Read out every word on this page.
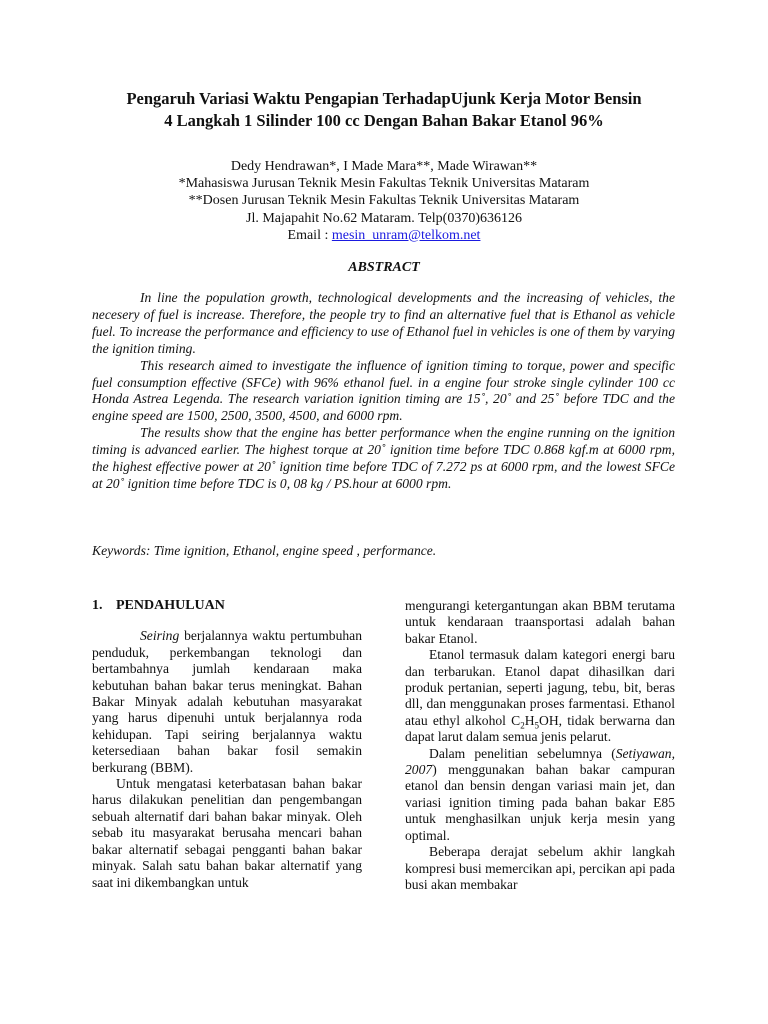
Pengaruh Variasi Waktu Pengapian TerhadapUjunk Kerja Motor Bensin
4 Langkah 1 Silinder 100 cc Dengan Bahan Bakar Etanol 96%
Dedy Hendrawan*, I Made Mara**, Made Wirawan**
*Mahasiswa Jurusan Teknik Mesin Fakultas Teknik Universitas Mataram
**Dosen Jurusan Teknik Mesin Fakultas Teknik Universitas Mataram
Jl. Majapahit No.62 Mataram. Telp(0370)636126
Email : mesin_unram@telkom.net
ABSTRACT

In line the population growth, technological developments and the increasing of vehicles, the necesery of fuel is increase. Therefore, the people try to find an alternative fuel that is Ethanol as vehicle fuel. To increase the performance and efficiency to use of Ethanol fuel in vehicles is one of them by varying the ignition timing.

This research aimed to investigate the influence of ignition timing to torque, power and specific fuel consumption effective (SFCe) with 96% ethanol fuel. in a engine four stroke single cylinder 100 cc Honda Astrea Legenda. The research variation ignition timing are 15˚, 20˚ and 25˚ before TDC and the engine speed are 1500, 2500, 3500, 4500, and 6000 rpm.

The results show that the engine has better performance when the engine running on the ignition timing is advanced earlier. The highest torque at 20˚ ignition time before TDC 0.868 kgf.m at 6000 rpm, the highest effective power at 20˚ ignition time before TDC of 7.272 ps at 6000 rpm, and the lowest SFCe at 20˚ ignition time before TDC is 0, 08 kg / PS.hour at 6000 rpm.

Keywords: Time ignition, Ethanol, engine speed , performance.
1. PENDAHULUAN

Seiring berjalannya waktu pertumbuhan penduduk, perkembangan teknologi dan bertambahnya jumlah kendaraan maka kebutuhan bahan bakar terus meningkat. Bahan Bakar Minyak adalah kebutuhan masyarakat yang harus dipenuhi untuk berjalannya roda kehidupan. Tapi seiring berjalannya waktu ketersediaan bahan bakar fosil semakin berkurang (BBM).

Untuk mengatasi keterbatasan bahan bakar harus dilakukan penelitian dan pengembangan sebuah alternatif dari bahan bakar minyak. Oleh sebab itu masyarakat berusaha mencari bahan bakar alternatif sebagai pengganti bahan bakar minyak. Salah satu bahan bakar alternatif yang saat ini dikembangkan untuk

mengurangi ketergantungan akan BBM terutama untuk kendaraan traansportasi adalah bahan bakar Etanol.

Etanol termasuk dalam kategori energi baru dan terbarukan. Etanol dapat dihasilkan dari produk pertanian, seperti jagung, tebu, bit, beras dll, dan menggunakan proses farmentasi. Ethanol atau ethyl alkohol $C_2H_5OH$, tidak berwarna dan dapat larut dalam semua jenis pelarut.

Dalam penelitian sebelumnya (Setiyawan, 2007) menggunakan bahan bakar campuran etanol dan bensin dengan variasi main jet, dan variasi ignition timing pada bahan bakar E85 untuk menghasilkan unjuk kerja mesin yang optimal.

Beberapa derajat sebelum akhir langkah kompresi busi memercikan api, percikan api pada busi akan membakar
